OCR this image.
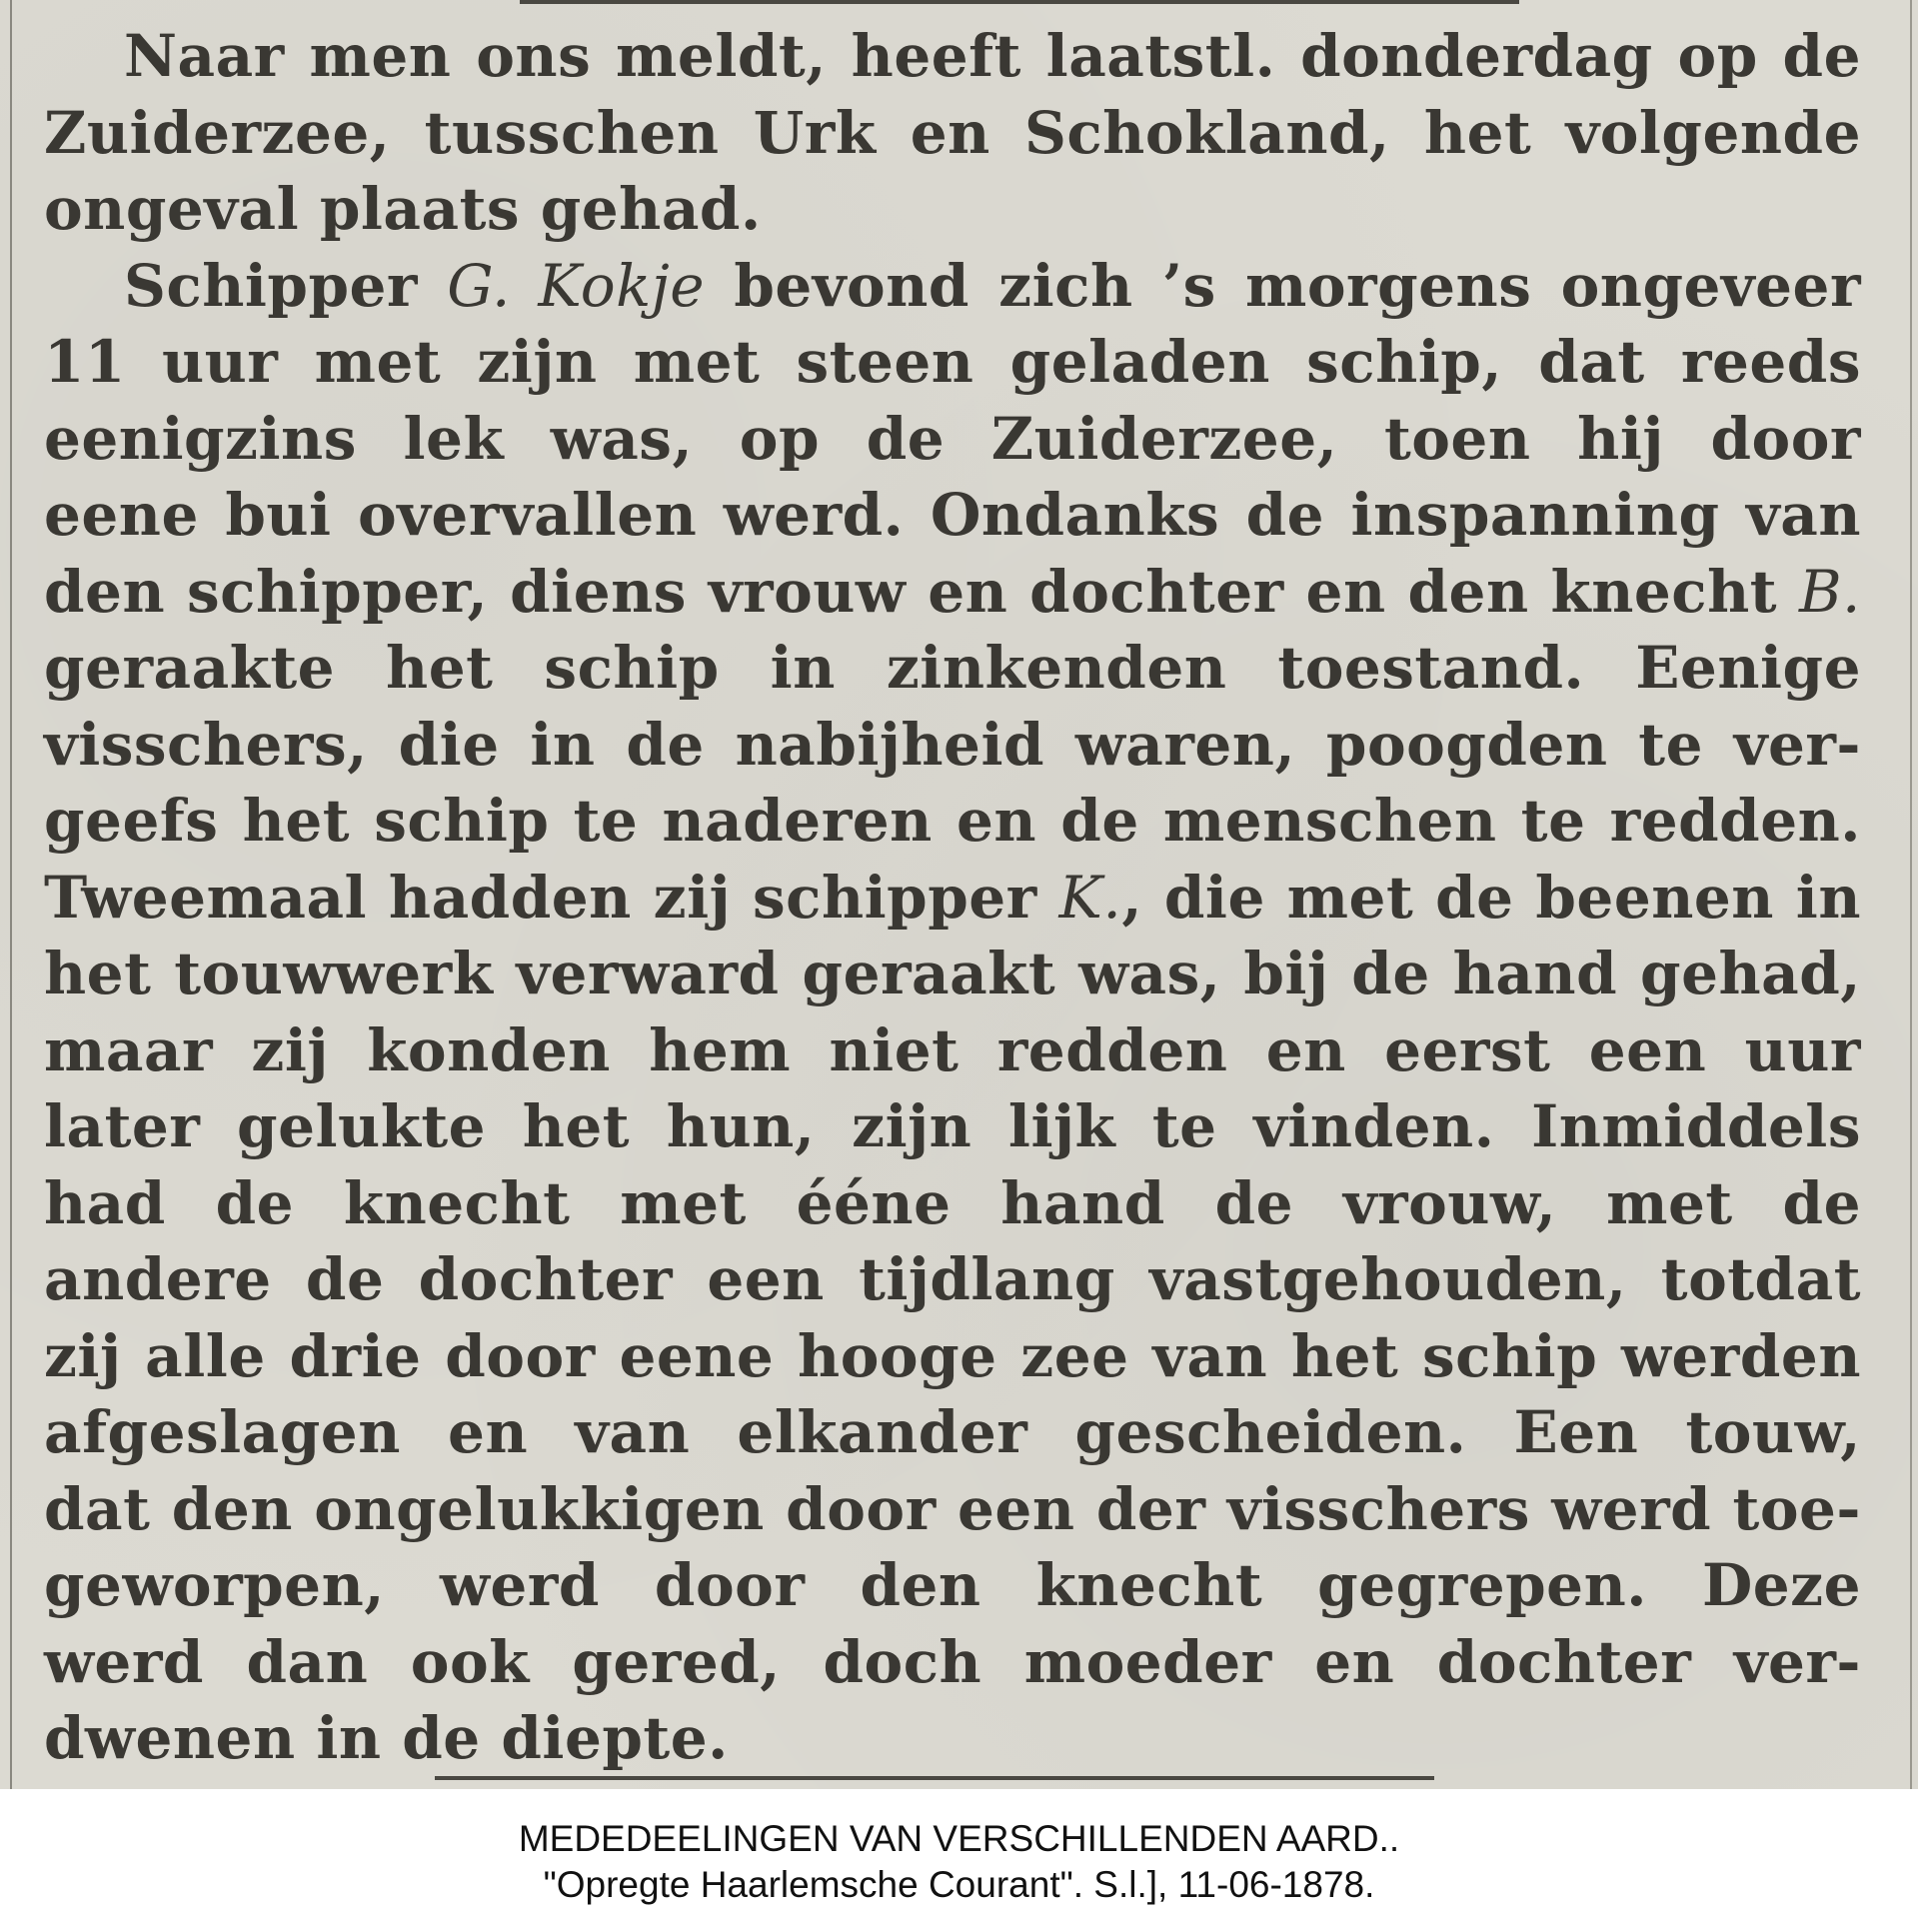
Naar men ons meldt, heeft laatstl. donderdag op de
Zuiderzee, tusschen Urk en Schokland, het volgende
ongeval plaats gehad.
Schipper G. Kokje bevond zich ’s morgens ongeveer
11 uur met zijn met steen geladen schip, dat reeds
eenigzins lek was, op de Zuiderzee, toen hij door
eene bui overvallen werd. Ondanks de inspanning van
den schipper, diens vrouw en dochter en den knecht B.
geraakte het schip in zinkenden toestand. Eenige
visschers, die in de nabijheid waren, poogden te ver-
geefs het schip te naderen en de menschen te redden.
Tweemaal hadden zij schipper K., die met de beenen in
het touwwerk verward geraakt was, bij de hand gehad,
maar zij konden hem niet redden en eerst een uur
later gelukte het hun, zijn lijk te vinden. Inmiddels
had de knecht met ééne hand de vrouw, met de
andere de dochter een tijdlang vastgehouden, totdat
zij alle drie door eene hooge zee van het schip werden
afgeslagen en van elkander gescheiden. Een touw,
dat den ongelukkigen door een der visschers werd toe-
geworpen, werd door den knecht gegrepen. Deze
werd dan ook gered, doch moeder en dochter ver-
dwenen in de diepte.
MEDEDEELINGEN VAN VERSCHILLENDEN AARD..
"Opregte Haarlemsche Courant". S.l.], 11-06-1878.
